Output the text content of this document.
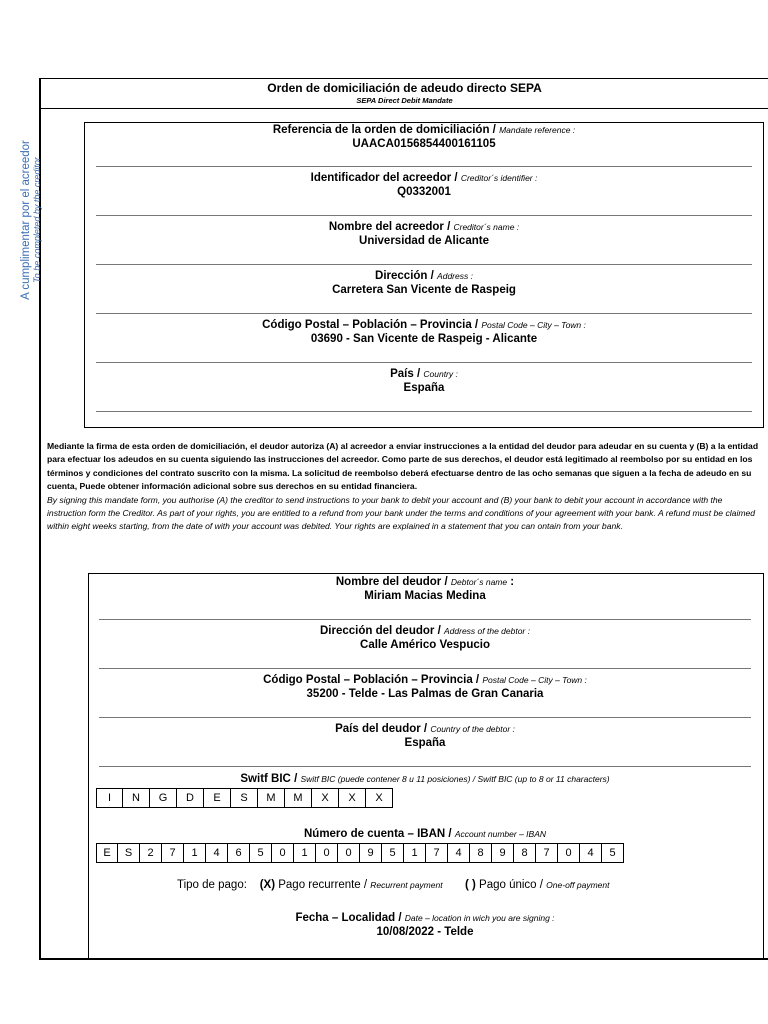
Orden de domiciliación de adeudo directo SEPA
SEPA Direct Debit Mandate
A cumplimentar por el acreedor To be completed by the creditor
Referencia de la orden de domiciliación / Mandate reference :
UAACA0156854400161105
Identificador del acreedor / Creditor´s identifier :
Q0332001
Nombre del acreedor / Creditor´s name :
Universidad de Alicante
Dirección / Address :
Carretera San Vicente de Raspeig
Código Postal – Población – Provincia / Postal Code – City – Town :
03690 - San Vicente de Raspeig - Alicante
País / Country :
España
Mediante la firma de esta orden de domiciliación, el deudor autoriza (A) al acreedor a enviar instrucciones a la entidad del deudor para adeudar en su cuenta y (B) a la entidad para efectuar los adeudos en su cuenta siguiendo las instrucciones del acreedor. Como parte de sus derechos, el deudor está legitimado al reembolso por su entidad en los términos y condiciones del contrato suscrito con la misma. La solicitud de reembolso deberá efectuarse dentro de las ocho semanas que siguen a la fecha de adeudo en su cuenta, Puede obtener información adicional sobre sus derechos en su entidad financiera.
By signing this mandate form, you authorise (A) the creditor to send instructions to your bank to debit your account and (B) your bank to debit your account in accordance with the instruction form the Creditor. As part of your rights, you are entitled to a refund from your bank under the terms and conditions of your agreement with your bank. A refund must be claimed within eight weeks starting, from the date of with your account was debited. Your rights are explained in a statement that you can ontain from your bank.
Nombre del deudor / Debtor´s name :
Miriam Macias Medina
Dirección del deudor / Address of the debtor :
Calle Américo Vespucio
Código Postal – Población – Provincia / Postal Code – City – Town :
35200 - Telde - Las Palmas de Gran Canaria
País del deudor / Country of the debtor :
España
Switf BIC / Switf BIC (puede contener 8 u 11 posiciones) / Switf BIC (up to 8 or 11 characters)
I	N	G	D	E	S	M	M	X	X	X
Número de cuenta – IBAN / Account number – IBAN
E	S	2	7	1	4	6	5	0	1	0	0	9	5	1	7	4	8	9	8	7	0	4	5
Tipo de pago: (X) Pago recurrente / Recurrent payment ( ) Pago único / One-off payment
Fecha – Localidad / Date – location in wich you are signing :
10/08/2022 - Telde
